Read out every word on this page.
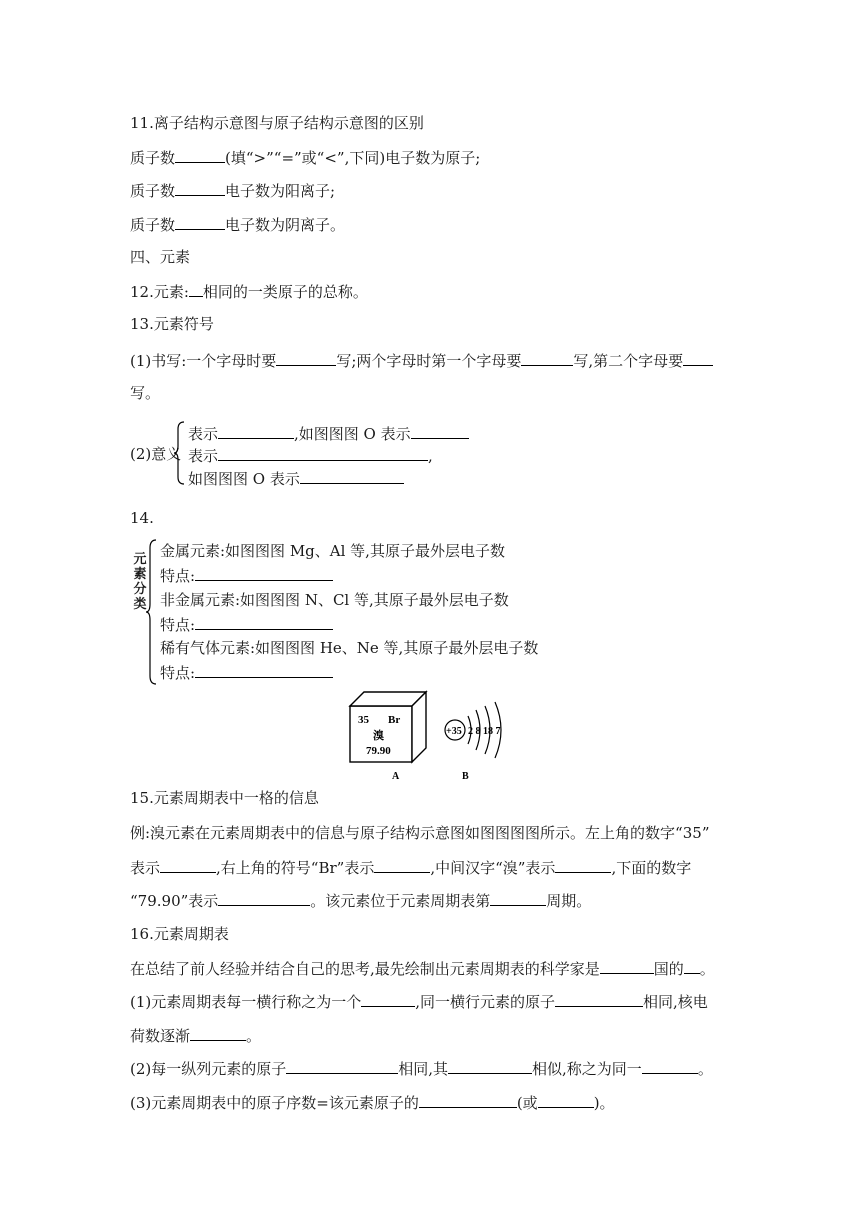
11.离子结构示意图与原子结构示意图的区别
质子数	(填“>”“=”或“<”,下同)电子数为原子;
质子数	电子数为阳离子;
质子数	电子数为阴离子。
四、元素
12.元素: 相同的一类原子的总称。
13.元素符号
(1)书写:一个字母时要	写;两个字母时第一个字母要	写,第二个字母要
写。
(2)意义
表示	,如图图图 O 表示
表示	,
如图图图 O 表示
14.
元
素
分
类
金属元素:如图图图 Mg、Al 等,其原子最外层电子数
特点:
非金属元素:如图图图 N、Cl 等,其原子最外层电子数
特点:
稀有气体元素:如图图图 He、Ne 等,其原子最外层电子数
特点:
35 Br
溴
79.90
A
+35 2 8 18 7
B
15.元素周期表中一格的信息
例:溴元素在元素周期表中的信息与原子结构示意图如图图图图所示。左上角的数字“35”
表示	,右上角的符号“Br”表示	,中间汉字“溴”表示	,下面的数字
“79.90”表示	。该元素位于元素周期表第	周期。
16.元素周期表
在总结了前人经验并结合自己的思考,最先绘制出元素周期表的科学家是	国的 。
(1)元素周期表每一横行称之为一个	,同一横行元素的原子	相同,核电
荷数逐渐	。
(2)每一纵列元素的原子	相同,其	相似,称之为同一	。
(3)元素周期表中的原子序数=该元素原子的	(或	)。
